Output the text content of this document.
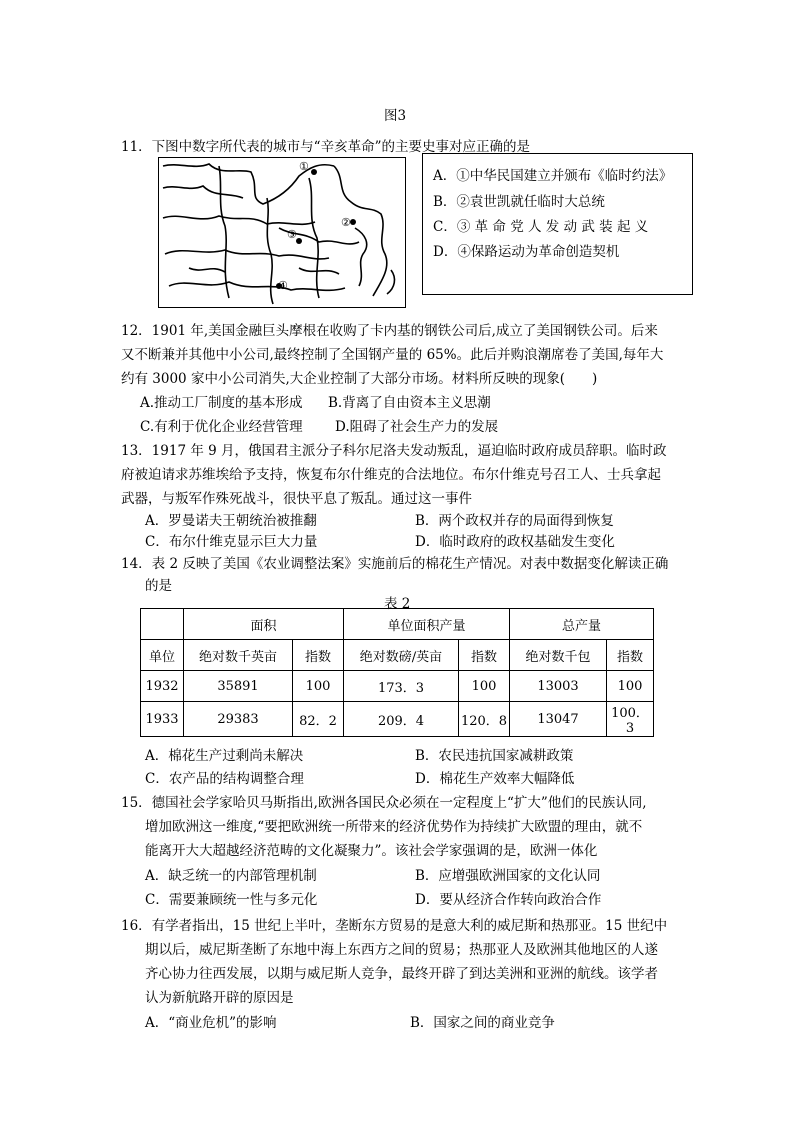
图3
11．下图中数字所代表的城市与“辛亥革命”的主要史事对应正确的是
①
②
③
④
A．①中华民国建立并颁布《临时约法》
B．②袁世凯就任临时大总统
C．③ 革 命 党 人 发 动 武 装 起 义
D．④保路运动为革命创造契机
12．1901 年,美国金融巨头摩根在收购了卡内基的钢铁公司后,成立了美国钢铁公司。后来
又不断兼并其他中小公司,最终控制了全国钢产量的 65%。此后并购浪潮席卷了美国,每年大
约有 3000 家中小公司消失,大企业控制了大部分市场。材料所反映的现象(　　)
A.推动工厂制度的基本形成 B.背离了自由资本主义思潮
C.有利于优化企业经营管理 D.阻碍了社会生产力的发展
13．1917 年 9 月，俄国君主派分子科尔尼洛夫发动叛乱，逼迫临时政府成员辞职。临时政
府被迫请求苏维埃给予支持，恢复布尔什维克的合法地位。布尔什维克号召工人、士兵拿起
武器，与叛军作殊死战斗，很快平息了叛乱。通过这一事件
A．罗曼诺夫王朝统治被推翻	B．两个政权并存的局面得到恢复
C．布尔什维克显示巨大力量	D．临时政府的政权基础发生变化
14．表 2 反映了美国《农业调整法案》实施前后的棉花生产情况。对表中数据变化解读正确
的是
表 2
	面积		单位面积产量		总产量	
单位	绝对数千英亩	指数	绝对数磅/英亩	指数	绝对数千包	指数
1932	35891	100	173．3	100	13003	100
1933	29383	82．2	209．4	120．8	13047	100．3
A．棉花生产过剩尚未解决	B．农民违抗国家减耕政策
C．农产品的结构调整合理	D．棉花生产效率大幅降低
15．德国社会学家哈贝马斯指出,欧洲各国民众必须在一定程度上“扩大”他们的民族认同,
增加欧洲这一维度,“要把欧洲统一所带来的经济优势作为持续扩大欧盟的理由，就不
能离开大大超越经济范畴的文化凝聚力”。该社会学家强调的是，欧洲一体化
A．缺乏统一的内部管理机制	B．应增强欧洲国家的文化认同
C．需要兼顾统一性与多元化	D．要从经济合作转向政治合作
16．有学者指出，15 世纪上半叶，垄断东方贸易的是意大利的威尼斯和热那亚。15 世纪中
期以后，威尼斯垄断了东地中海上东西方之间的贸易；热那亚人及欧洲其他地区的人遂
齐心协力往西发展，以期与威尼斯人竞争，最终开辟了到达美洲和亚洲的航线。该学者
认为新航路开辟的原因是
A．“商业危机”的影响	B．国家之间的商业竞争
